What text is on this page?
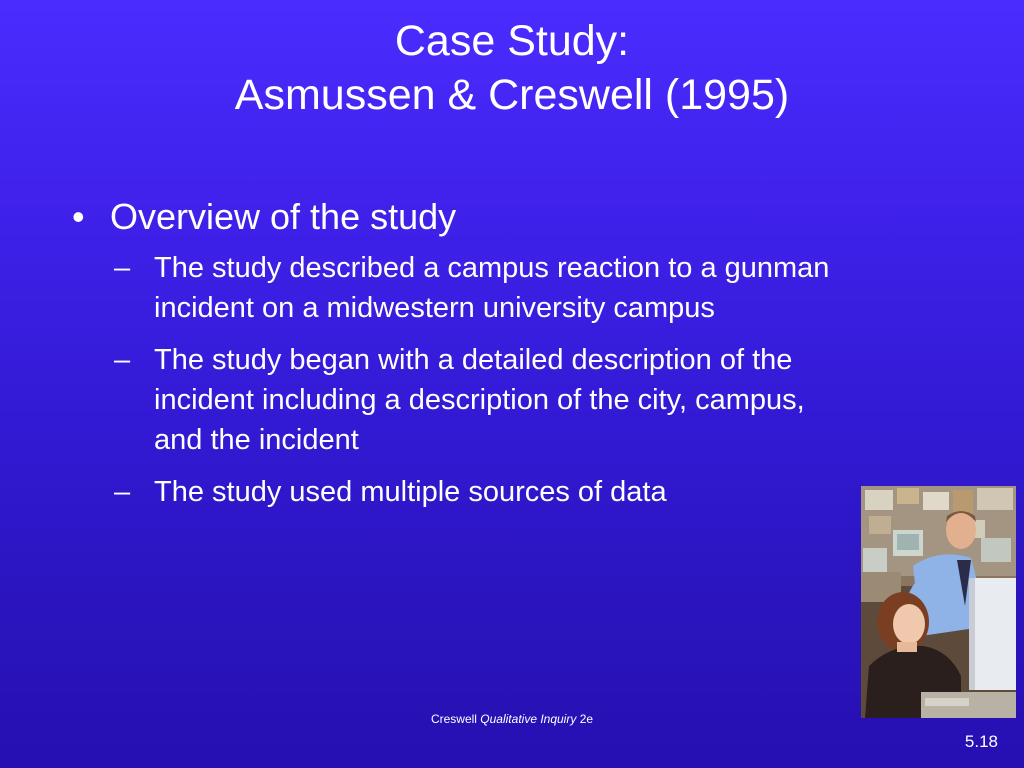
Case Study:
Asmussen & Creswell (1995)
• Overview of the study
– The study described a campus reaction to a gunman incident on a midwestern university campus
– The study began with a detailed description of the incident including a description of the city, campus, and the incident
– The study used multiple sources of data
Creswell Qualitative Inquiry 2e
5.18
